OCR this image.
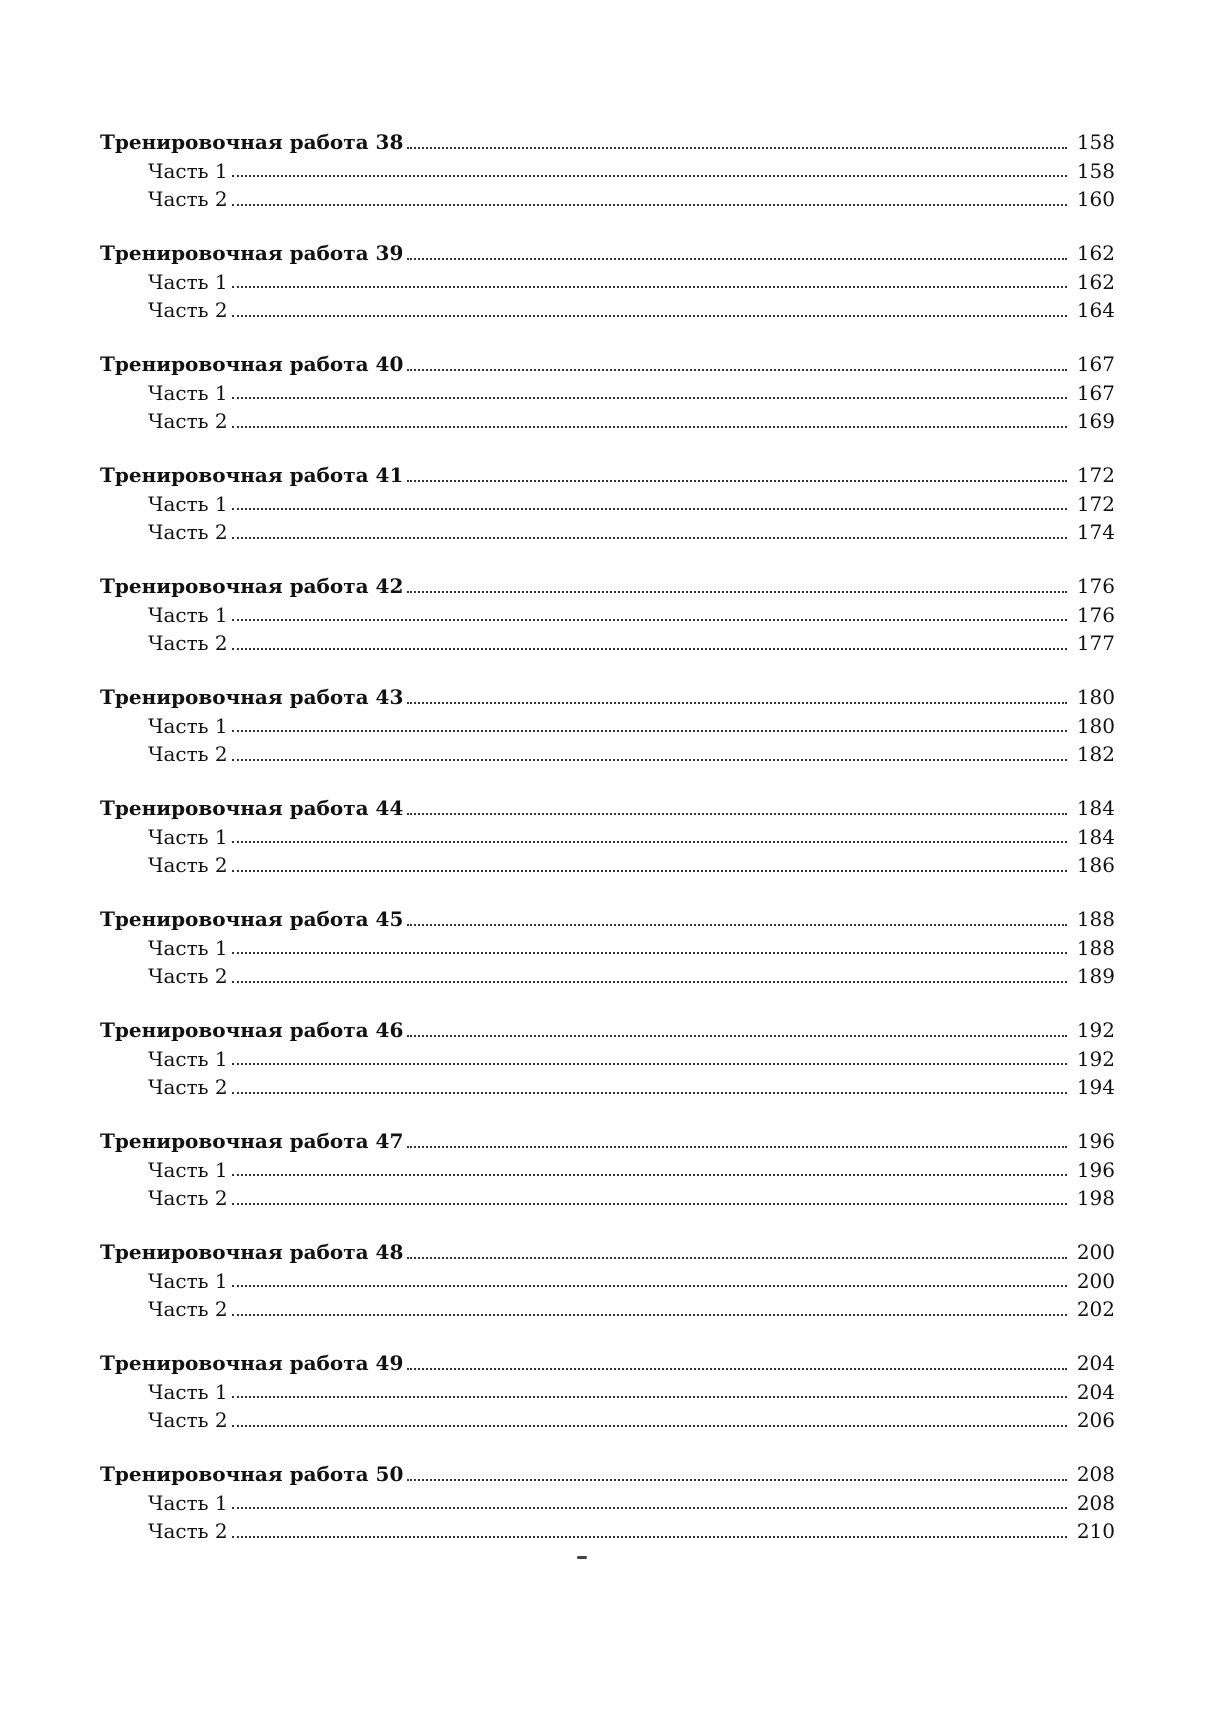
Тренировочная работа 38	158
Часть 1	158
Часть 2	160
Тренировочная работа 39	162
Часть 1	162
Часть 2	164
Тренировочная работа 40	167
Часть 1	167
Часть 2	169
Тренировочная работа 41	172
Часть 1	172
Часть 2	174
Тренировочная работа 42	176
Часть 1	176
Часть 2	177
Тренировочная работа 43	180
Часть 1	180
Часть 2	182
Тренировочная работа 44	184
Часть 1	184
Часть 2	186
Тренировочная работа 45	188
Часть 1	188
Часть 2	189
Тренировочная работа 46	192
Часть 1	192
Часть 2	194
Тренировочная работа 47	196
Часть 1	196
Часть 2	198
Тренировочная работа 48	200
Часть 1	200
Часть 2	202
Тренировочная работа 49	204
Часть 1	204
Часть 2	206
Тренировочная работа 50	208
Часть 1	208
Часть 2	210
